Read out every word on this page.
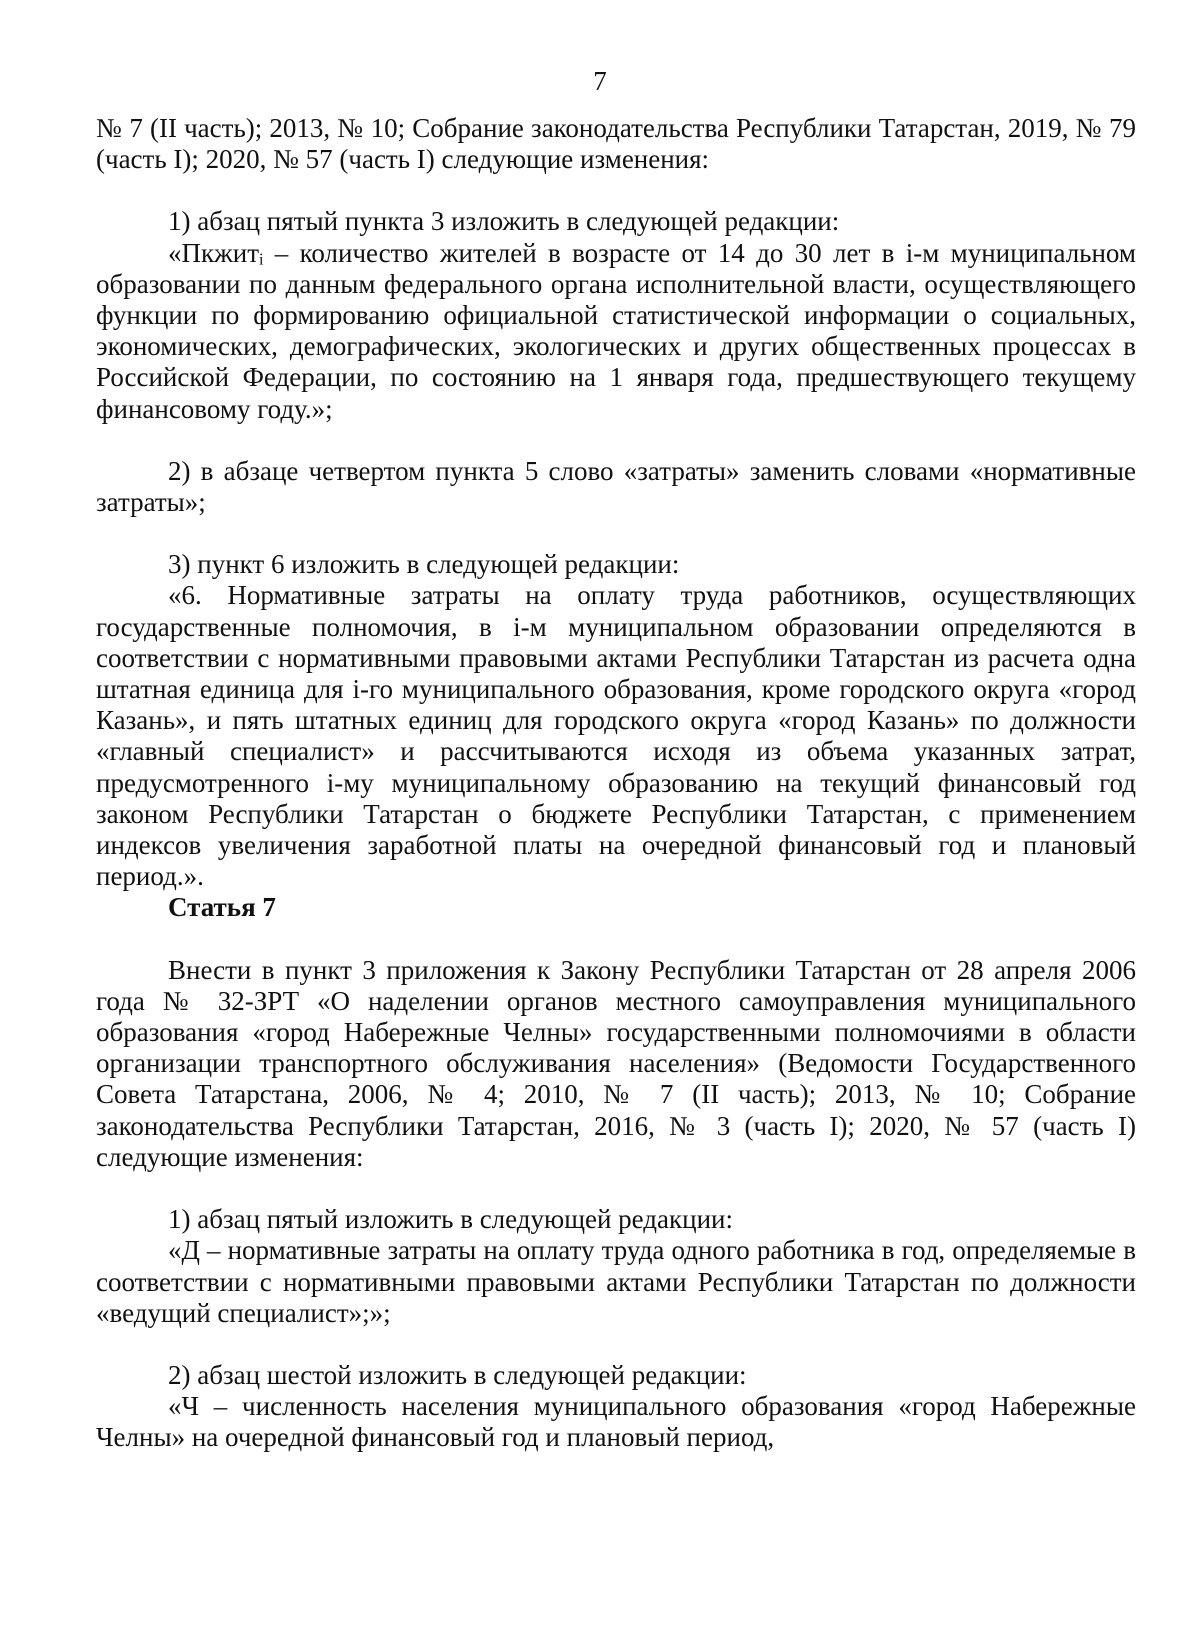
7

№ 7 (II часть); 2013, № 10; Собрание законодательства Республики Татарстан, 2019, № 79 (часть I); 2020, № 57 (часть I) следующие изменения:

1) абзац пятый пункта 3 изложить в следующей редакции:

«Пкжитᵢ – количество жителей в возрасте от 14 до 30 лет в i-м муниципальном образовании по данным федерального органа исполнительной власти, осуществляющего функции по формированию официальной статистической информации о социальных, экономических, демографических, экологических и других общественных процессах в Российской Федерации, по состоянию на 1 января года, предшествующего текущему финансовому году.»;

2) в абзаце четвертом пункта 5 слово «затраты» заменить словами «нормативные затраты»;

3) пункт 6 изложить в следующей редакции:

«6. Нормативные затраты на оплату труда работников, осуществляющих государственные полномочия, в i-м муниципальном образовании определяются в соответствии с нормативными правовыми актами Республики Татарстан из расчета одна штатная единица для i-го муниципального образования, кроме городского округа «город Казань», и пять штатных единиц для городского округа «город Казань» по должности «главный специалист» и рассчитываются исходя из объема указанных затрат, предусмотренного i-му муниципальному образованию на текущий финансовый год законом Республики Татарстан о бюджете Республики Татарстан, с применением индексов увеличения заработной платы на очередной финансовый год и плановый период.».

Статья 7

Внести в пункт 3 приложения к Закону Республики Татарстан от 28 апреля 2006 года № 32-ЗРТ «О наделении органов местного самоуправления муниципального образования «город Набережные Челны» государственными полномочиями в области организации транспортного обслуживания населения» (Ведомости Государственного Совета Татарстана, 2006, № 4; 2010, № 7 (II часть); 2013, № 10; Собрание законодательства Республики Татарстан, 2016, № 3 (часть I); 2020, № 57 (часть I) следующие изменения:

1) абзац пятый изложить в следующей редакции:

«Д – нормативные затраты на оплату труда одного работника в год, определяемые в соответствии с нормативными правовыми актами Республики Татарстан по должности «ведущий специалист»;»;

2) абзац шестой изложить в следующей редакции:

«Ч – численность населения муниципального образования «город Набережные Челны» на очередной финансовый год и плановый период,
